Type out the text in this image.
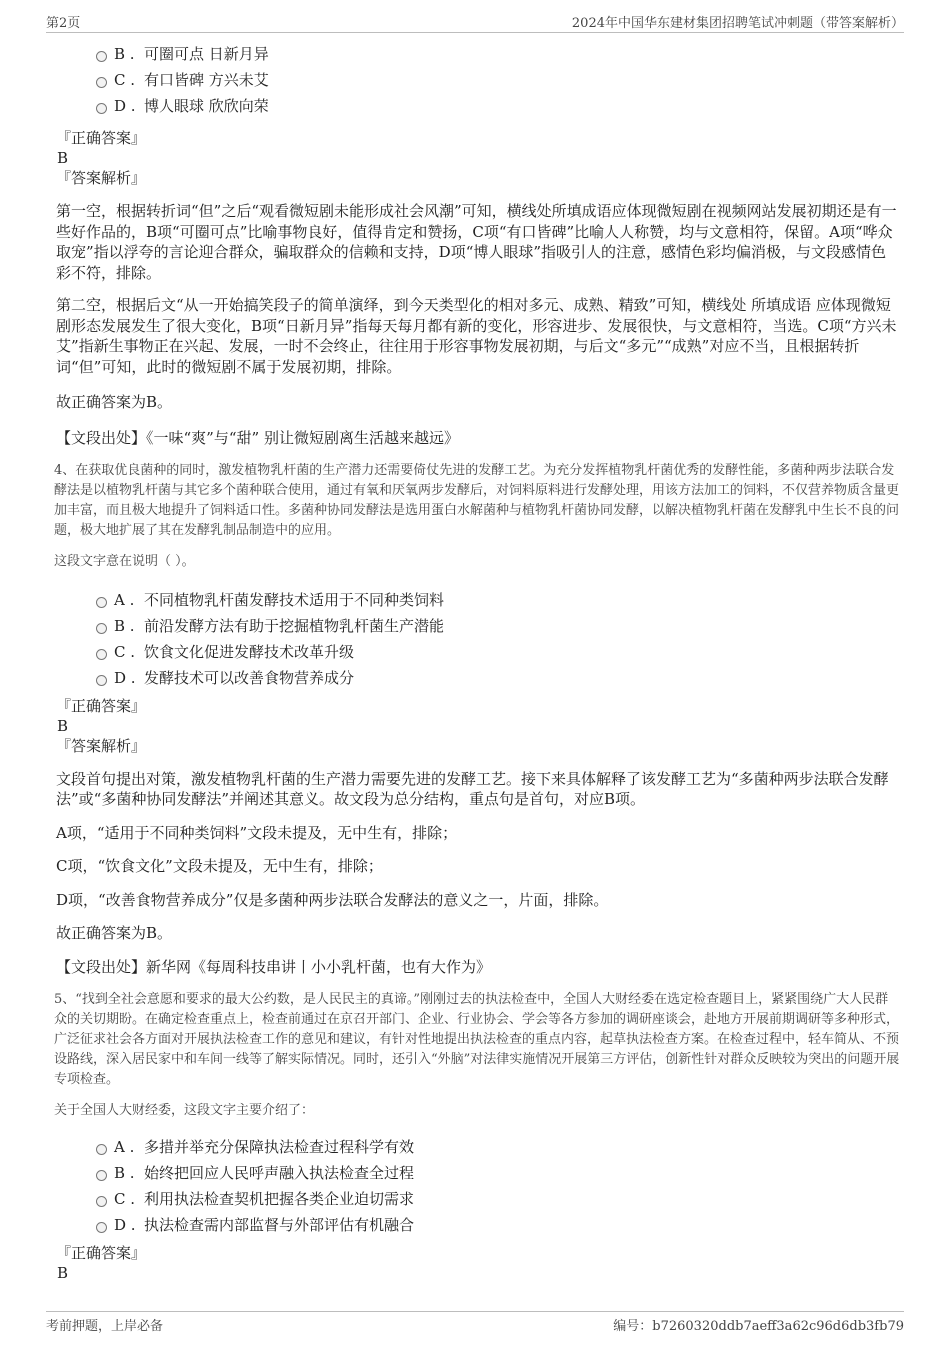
第2页	2024年中国华东建材集团招聘笔试冲刺题（带答案解析）
B . 可圈可点 日新月异
C . 有口皆碑 方兴未艾
D . 博人眼球 欣欣向荣

『正确答案』

B

『答案解析』

第一空，根据转折词“但”之后“观看微短剧未能形成社会风潮”可知，横线处所填成语应体现微短剧在视频网站发展初期还是有一些好作品的，B项“可圈可点”比喻事物良好，值得肯定和赞扬，C项“有口皆碑”比喻人人称赞，均与文意相符，保留。A项“哗众取宠”指以浮夸的言论迎合群众，骗取群众的信赖和支持，D项“博人眼球”指吸引人的注意，感情色彩均偏消极，与文段感情色彩不符，排除。

第二空，根据后文“从一开始搞笑段子的简单演绎，到今天类型化的相对多元、成熟、精致”可知，横线处 所填成语 应体现微短剧形态发展发生了很大变化，B项“日新月异”指每天每月都有新的变化，形容进步、发展很快，与文意相符，当选。C项“方兴未艾”指新生事物正在兴起、发展，一时不会终止，往往用于形容事物发展初期，与后文“多元”“成熟”对应不当，且根据转折词“但”可知，此时的微短剧不属于发展初期，排除。

故正确答案为B。

【文段出处】《一味“爽”与“甜” 别让微短剧离生活越来越远》

4、在获取优良菌种的同时，激发植物乳杆菌的生产潜力还需要倚仗先进的发酵工艺。为充分发挥植物乳杆菌优秀的发酵性能，多菌种两步法联合发酵法是以植物乳杆菌与其它多个菌种联合使用，通过有氧和厌氧两步发酵后，对饲料原料进行发酵处理，用该方法加工的饲料，不仅营养物质含量更加丰富，而且极大地提升了饲料适口性。多菌种协同发酵法是选用蛋白水解菌种与植物乳杆菌协同发酵，以解决植物乳杆菌在发酵乳中生长不良的问题，极大地扩展了其在发酵乳制品制造中的应用。

这段文字意在说明（ ）。

A . 不同植物乳杆菌发酵技术适用于不同种类饲料
B . 前沿发酵方法有助于挖掘植物乳杆菌生产潜能
C . 饮食文化促进发酵技术改革升级
D . 发酵技术可以改善食物营养成分

『正确答案』

B

『答案解析』

文段首句提出对策，激发植物乳杆菌的生产潜力需要先进的发酵工艺。接下来具体解释了该发酵工艺为“多菌种两步法联合发酵法”或“多菌种协同发酵法”并阐述其意义。故文段为总分结构，重点句是首句，对应B项。

A项，“适用于不同种类饲料”文段未提及，无中生有，排除；

C项，“饮食文化”文段未提及，无中生有，排除；

D项，“改善食物营养成分”仅是多菌种两步法联合发酵法的意义之一，片面，排除。

故正确答案为B。

【文段出处】新华网《每周科技串讲丨小小乳杆菌，也有大作为》

5、“找到全社会意愿和要求的最大公约数，是人民民主的真谛。”刚刚过去的执法检查中，全国人大财经委在选定检查题目上，紧紧围绕广大人民群众的关切期盼。在确定检查重点上，检查前通过在京召开部门、企业、行业协会、学会等各方参加的调研座谈会，赴地方开展前期调研等多种形式，广泛征求社会各方面对开展执法检查工作的意见和建议，有针对性地提出执法检查的重点内容，起草执法检查方案。在检查过程中，轻车简从、不预设路线，深入居民家中和车间一线等了解实际情况。同时，还引入“外脑”对法律实施情况开展第三方评估，创新性针对群众反映较为突出的问题开展专项检查。

关于全国人大财经委，这段文字主要介绍了：

A . 多措并举充分保障执法检查过程科学有效
B . 始终把回应人民呼声融入执法检查全过程
C . 利用执法检查契机把握各类企业迫切需求
D . 执法检查需内部监督与外部评估有机融合

『正确答案』

B

考前押题，上岸必备	编号：b7260320ddb7aeff3a62c96d6db3fb79
